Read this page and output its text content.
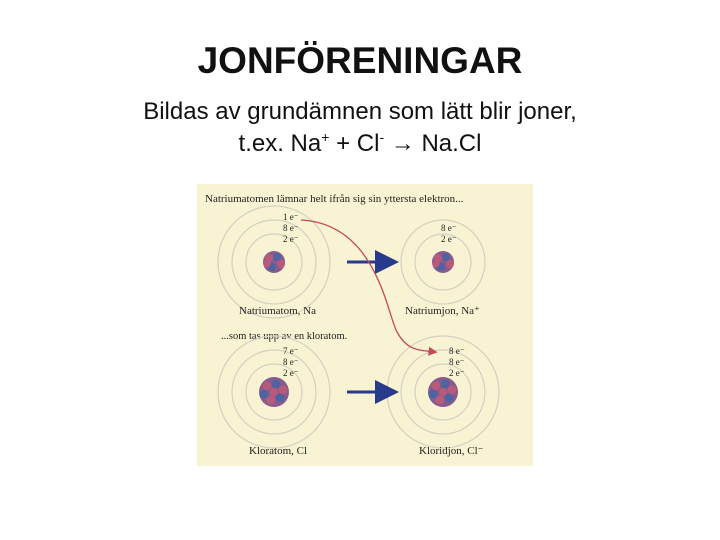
JONFÖRENINGAR
Bildas av grundämnen som lätt blir joner,
t.ex. Na+ + Cl- → Na.Cl
Natriumatomen lämnar helt ifrån sig sin yttersta elektron...
...som tas upp av en kloratom.
1 e⁻
8 e⁻
2 e⁻
Natriumatom, Na
8 e⁻
2 e⁻
Natriumjon, Na⁺
7 e⁻
8 e⁻
2 e⁻
Kloratom, Cl
8 e⁻
8 e⁻
2 e⁻
Kloridjon, Cl⁻
